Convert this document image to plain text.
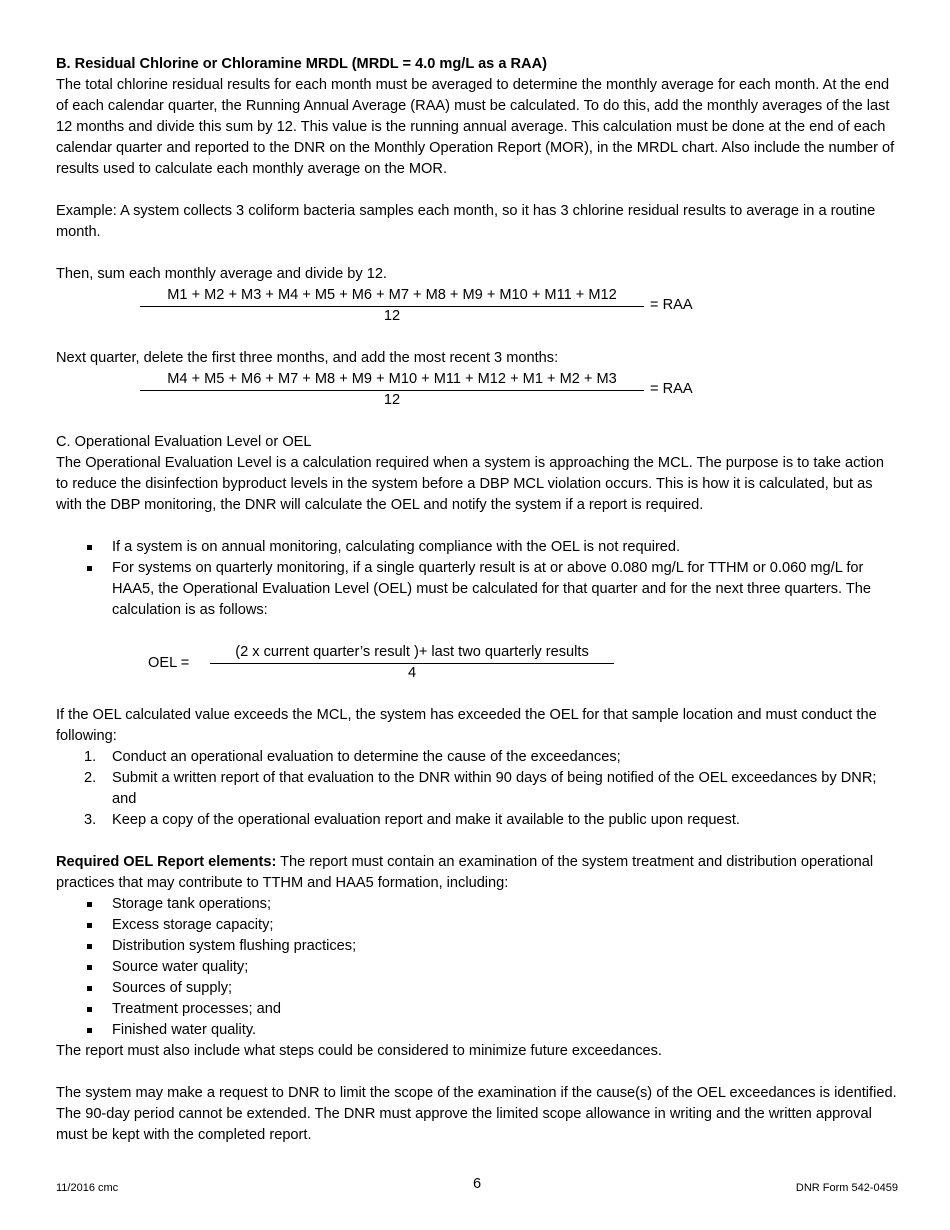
B. Residual Chlorine or Chloramine MRDL (MRDL = 4.0 mg/L as a RAA)

The total chlorine residual results for each month must be averaged to determine the monthly average for each month. At the end of each calendar quarter, the Running Annual Average (RAA) must be calculated. To do this, add the monthly averages of the last 12 months and divide this sum by 12. This value is the running annual average. This calculation must be done at the end of each calendar quarter and reported to the DNR on the Monthly Operation Report (MOR), in the MRDL chart. Also include the number of results used to calculate each monthly average on the MOR.

Example: A system collects 3 coliform bacteria samples each month, so it has 3 chlorine residual results to average in a routine month.

Then, sum each monthly average and divide by 12.

M1 + M2 + M3 + M4 + M5 + M6 + M7 + M8 + M9 + M10 + M11 + M12
12
= RAA

Next quarter, delete the first three months, and add the most recent 3 months:

M4 + M5 + M6 + M7 + M8 + M9 + M10 + M11 + M12 + M1 + M2 + M3
12
= RAA

C. Operational Evaluation Level or OEL

The Operational Evaluation Level is a calculation required when a system is approaching the MCL. The purpose is to take action to reduce the disinfection byproduct levels in the system before a DBP MCL violation occurs. This is how it is calculated, but as with the DBP monitoring, the DNR will calculate the OEL and notify the system if a report is required.

If a system is on annual monitoring, calculating compliance with the OEL is not required.
For systems on quarterly monitoring, if a single quarterly result is at or above 0.080 mg/L for TTHM or 0.060 mg/L for HAA5, the Operational Evaluation Level (OEL) must be calculated for that quarter and for the next three quarters. The calculation is as follows:
OEL =
(2 x current quarter’s result )+ last two quarterly results
4

If the OEL calculated value exceeds the MCL, the system has exceeded the OEL for that sample location and must conduct the following:

1. Conduct an operational evaluation to determine the cause of the exceedances;
2. Submit a written report of that evaluation to the DNR within 90 days of being notified of the OEL exceedances by DNR; and
3. Keep a copy of the operational evaluation report and make it available to the public upon request.

Required OEL Report elements: The report must contain an examination of the system treatment and distribution operational practices that may contribute to TTHM and HAA5 formation, including:

Storage tank operations;
Excess storage capacity;
Distribution system flushing practices;
Source water quality;
Sources of supply;
Treatment processes; and
Finished water quality.

The report must also include what steps could be considered to minimize future exceedances.

The system may make a request to DNR to limit the scope of the examination if the cause(s) of the OEL exceedances is identified. The 90-day period cannot be extended. The DNR must approve the limited scope allowance in writing and the written approval must be kept with the completed report.

11/2016 cmc	6	DNR Form 542-0459
